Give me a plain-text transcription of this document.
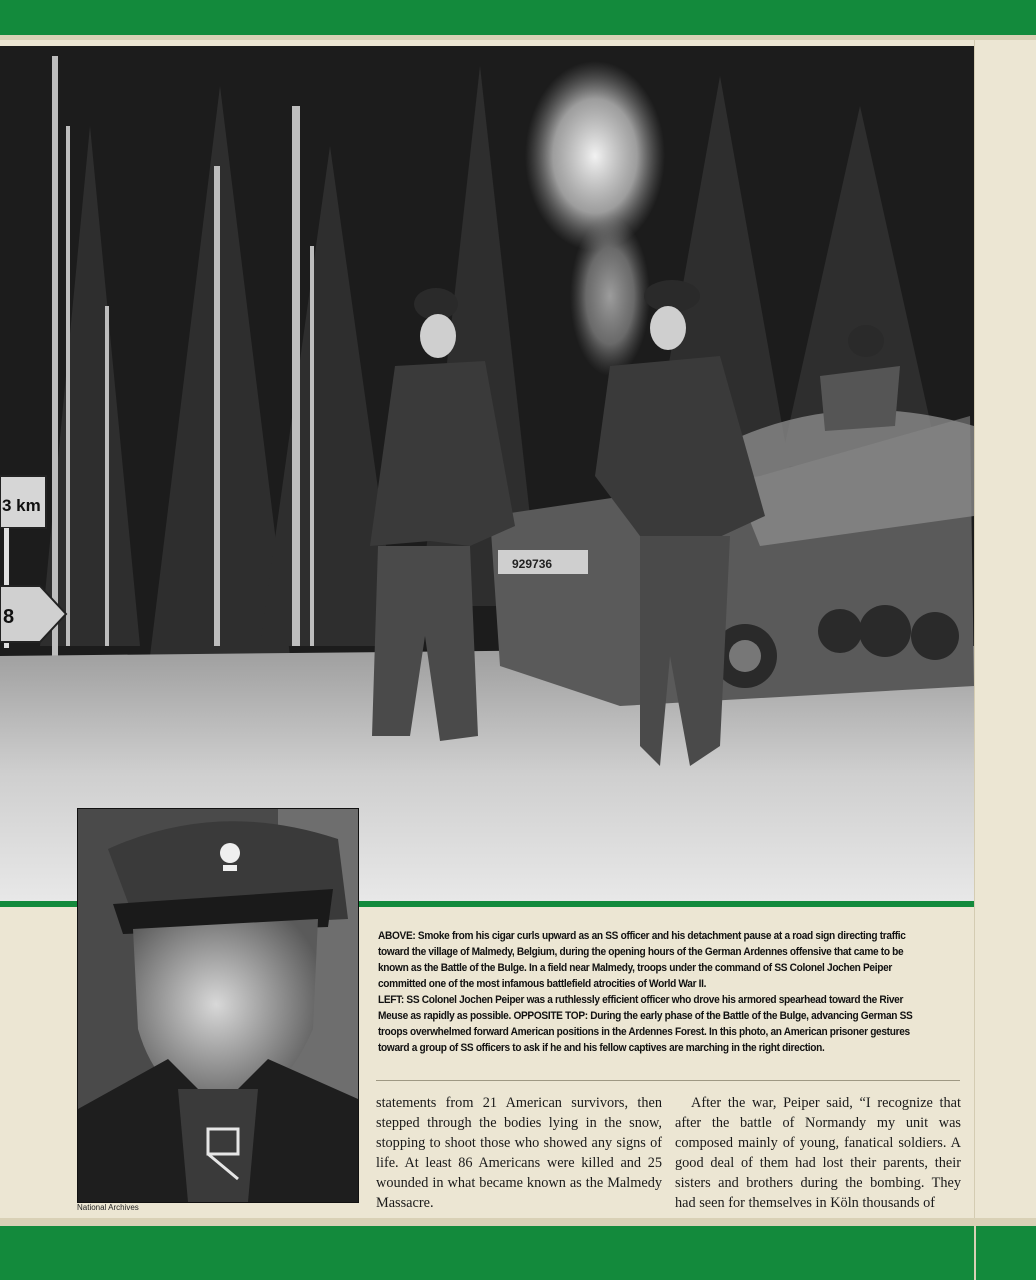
929736
3 km
8
National Archives

ABOVE: Smoke from his cigar curls upward as an SS officer and his detachment pause at a road sign directing traffic toward the village of Malmedy, Belgium, during the opening hours of the German Ardennes offensive that came to be known as the Battle of the Bulge. In a field near Malmedy, troops under the command of SS Colonel Jochen Peiper committed one of the most infamous battlefield atrocities of World War II.

LEFT: SS Colonel Jochen Peiper was a ruthlessly efficient officer who drove his armored spearhead toward the River Meuse as rapidly as possible. OPPOSITE TOP: During the early phase of the Battle of the Bulge, advancing German SS troops overwhelmed forward American positions in the Ardennes Forest. In this photo, an American prisoner gestures toward a group of SS officers to ask if he and his fellow captives are marching in the right direction.

statements from 21 American survivors, then stepped through the bodies lying in the snow, stopping to shoot those who showed any signs of life. At least 86 Americans were killed and 25 wounded in what became known as the Malmedy Massacre.

After the war, Peiper said, “I recognize that after the battle of Normandy my unit was composed mainly of young, fanatical soldiers. A good deal of them had lost their parents, their sisters and brothers during the bombing. They had seen for themselves in Köln thousands of
